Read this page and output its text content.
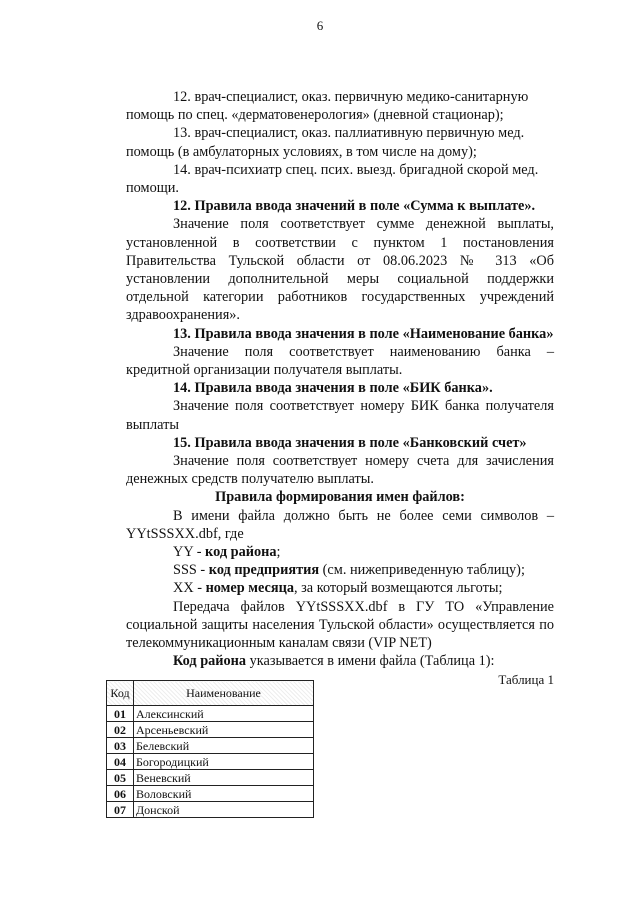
6

12. врач-специалист, оказ. первичную медико-санитарную

помощь по спец. «дерматовенерология» (дневной стационар);

13. врач-специалист, оказ. паллиативную первичную мед.

помощь (в амбулаторных условиях, в том числе на дому);

14. врач-психиатр спец. псих. выезд. бригадной скорой мед.

помощи.

12. Правила ввода значений в поле «Сумма к выплате».

Значение поля соответствует сумме денежной выплаты, установленной в соответствии с пунктом 1 постановления Правительства Тульской области от 08.06.2023 № 313 «Об установлении дополнительной меры социальной поддержки отдельной категории работников государственных учреждений здравоохранения».

13. Правила ввода значения в поле «Наименование банка»

Значение поля соответствует наименованию банка – кредитной организации получателя выплаты.

14. Правила ввода значения в поле «БИК банка».

Значение поля соответствует номеру БИК банка получателя выплаты

15. Правила ввода значения в поле «Банковский счет»

Значение поля соответствует номеру счета для зачисления денежных средств получателю выплаты.

Правила формирования имен файлов:

В имени файла должно быть не более семи символов – YYtSSSXX.dbf, где

YY - код района;

SSS - код предприятия (см. нижеприведенную таблицу);

XX - номер месяца, за который возмещаются льготы;

Передача файлов YYtSSSXX.dbf в ГУ ТО «Управление социальной защиты населения Тульской области» осуществляется по телекоммуникационным каналам связи (VIP NET)

Код района указывается в имени файла (Таблица 1):

Таблица 1

Код	Наименование
01	Алексинский
02	Арсеньевский
03	Белевский
04	Богородицкий
05	Веневский
06	Воловский
07	Донской
